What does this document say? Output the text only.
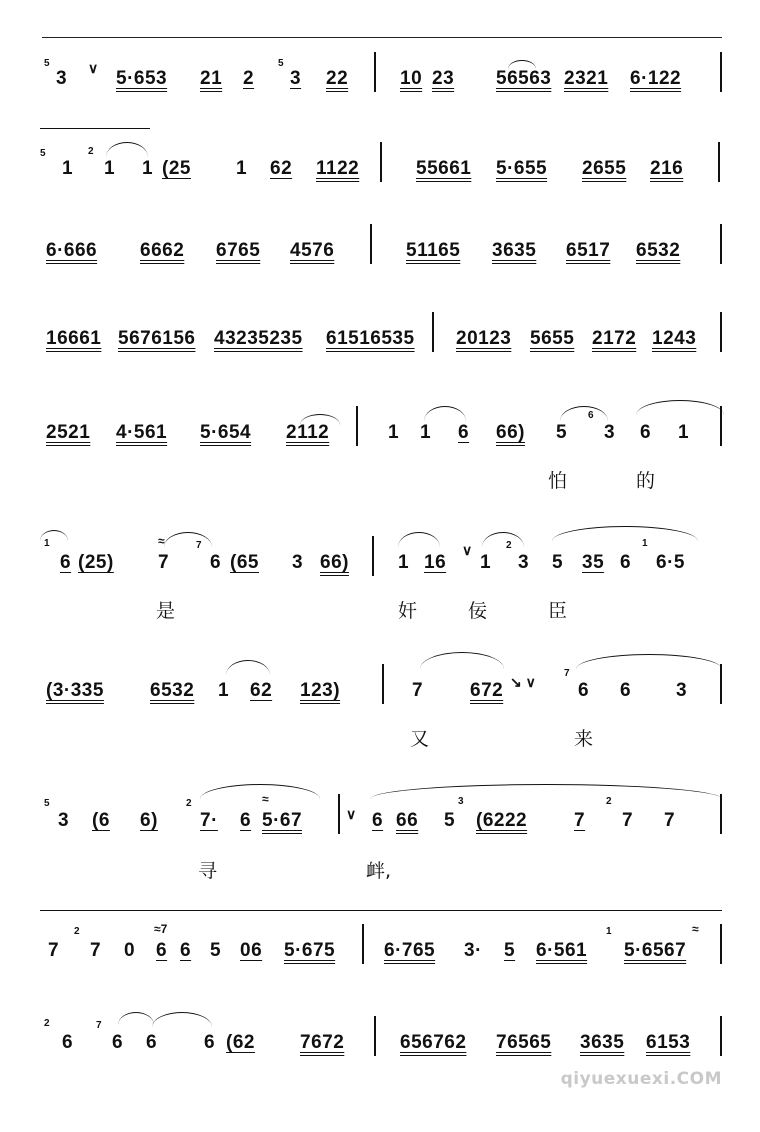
5
3 ∨ 5·653 21 2
5
3 22	10 23 56563 2321 6·122
5
1
2
1 1 (25 1 62 1122	55661 5·655 2655 216
6·666 6662 6765 4576	51165 3635 6517 6532
16661 5676156 43235235 61516535 20123 5655 2172 1243
2521 4·561 5·654 2112	1 1 6 66) 5
6
3 6 1
怕	的
1
6 (25)
≈
7
7
6 (65 3 66)	1 16
∨
1
2
3 5 35 6
1
6·5
是	奸	佞	臣
(3·335 6532 1 62 123)	7 672 ↘ ∨
7
6 6 3
又	来
5
3 (6 6)
2
7· 6
≈
5·67	∨ 6 66 5
3
(6222 7
2
7 7
寻	衅,
7
2
7 0 6
≈7
6 5 06 5·675	6·765 3· 5 6·561
1	≈
5·6567
2
6
7
6 6 6 (62 7672	656762 76565 3635 6153
qiyuexuexi.COM
